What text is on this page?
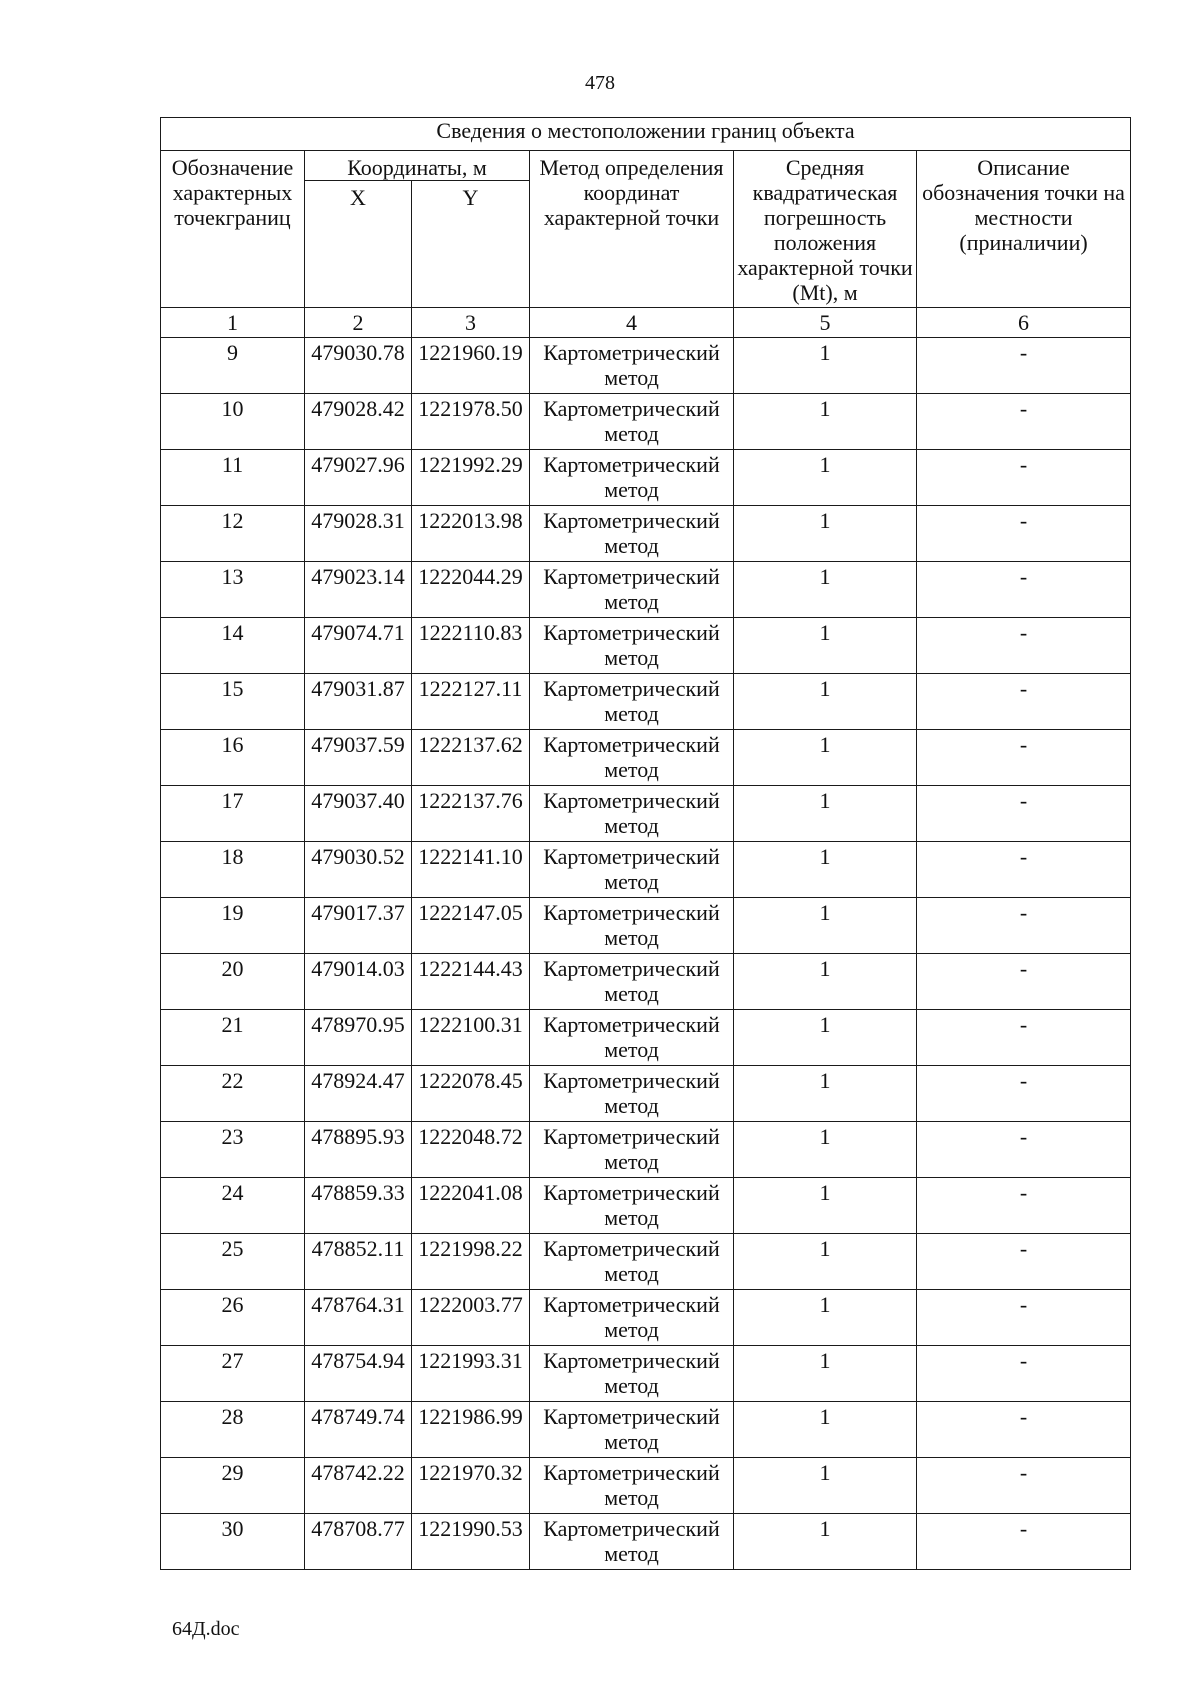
478
Сведения о местоположении границ объекта					
Обозначение характерных точекграниц	Координаты, м		Метод определения координат характерной точки	Средняя квадратическая погрешность положения характерной точки (Mt), м	Описание обозначения точки на местности (приналичии)
	X	Y			
1	2	3	4	5	6
9	479030.78	1221960.19	Картометрический метод	1	-
10	479028.42	1221978.50	Картометрический метод	1	-
11	479027.96	1221992.29	Картометрический метод	1	-
12	479028.31	1222013.98	Картометрический метод	1	-
13	479023.14	1222044.29	Картометрический метод	1	-
14	479074.71	1222110.83	Картометрический метод	1	-
15	479031.87	1222127.11	Картометрический метод	1	-
16	479037.59	1222137.62	Картометрический метод	1	-
17	479037.40	1222137.76	Картометрический метод	1	-
18	479030.52	1222141.10	Картометрический метод	1	-
19	479017.37	1222147.05	Картометрический метод	1	-
20	479014.03	1222144.43	Картометрический метод	1	-
21	478970.95	1222100.31	Картометрический метод	1	-
22	478924.47	1222078.45	Картометрический метод	1	-
23	478895.93	1222048.72	Картометрический метод	1	-
24	478859.33	1222041.08	Картометрический метод	1	-
25	478852.11	1221998.22	Картометрический метод	1	-
26	478764.31	1222003.77	Картометрический метод	1	-
27	478754.94	1221993.31	Картометрический метод	1	-
28	478749.74	1221986.99	Картометрический метод	1	-
29	478742.22	1221970.32	Картометрический метод	1	-
30	478708.77	1221990.53	Картометрический метод	1	-
64Д.doc
